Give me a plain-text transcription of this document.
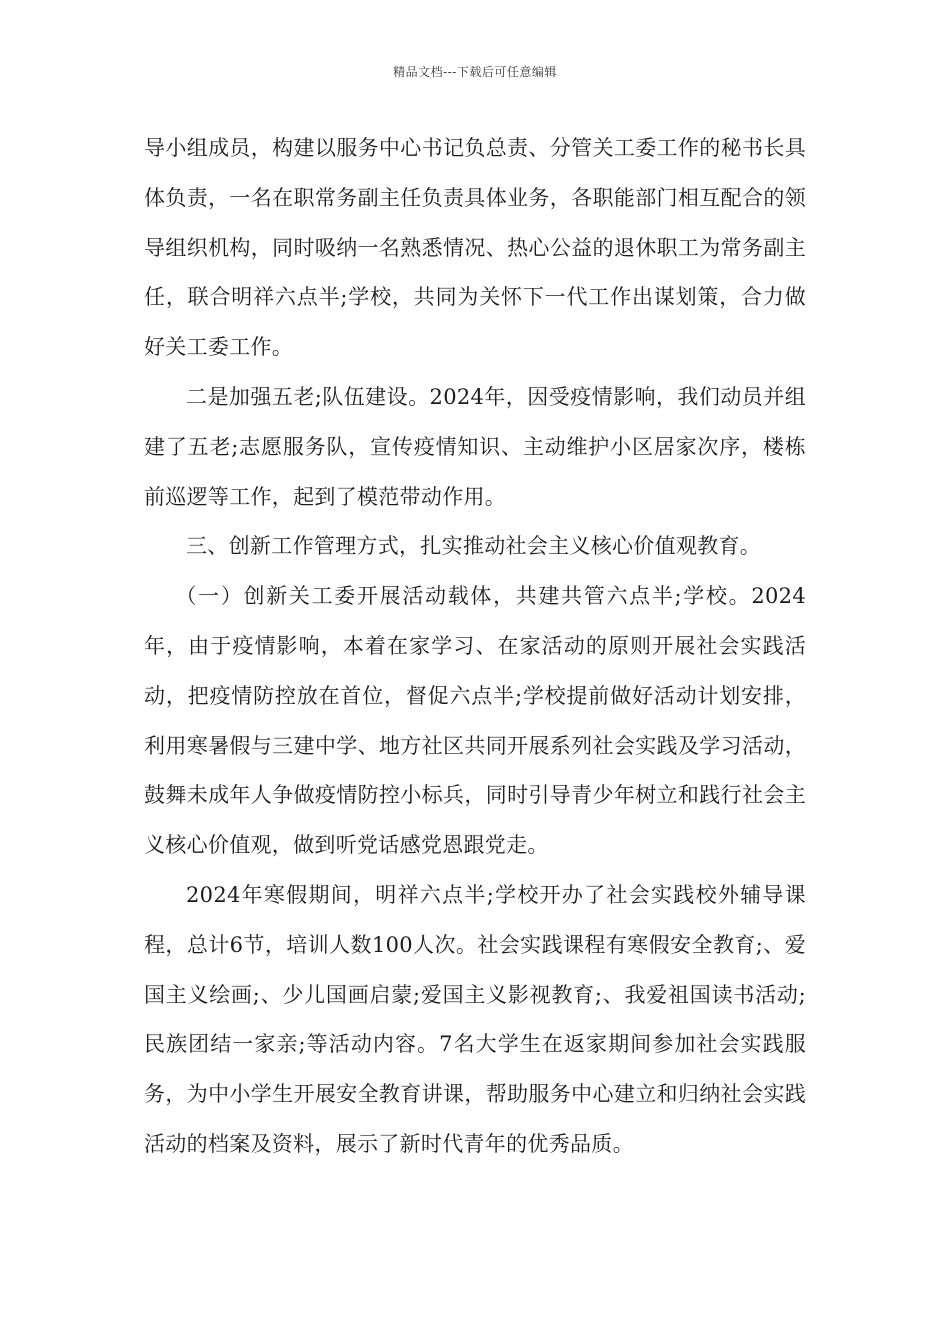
精品文档---下载后可任意编辑

导小组成员，构建以服务中心书记负总责、分管关工委工作的秘书长具体负责，一名在职常务副主任负责具体业务，各职能部门相互配合的领导组织机构，同时吸纳一名熟悉情况、热心公益的退休职工为常务副主任，联合明祥六点半;学校，共同为关怀下一代工作出谋划策，合力做好关工委工作。

二是加强五老;队伍建设。2024年，因受疫情影响，我们动员并组建了五老;志愿服务队，宣传疫情知识、主动维护小区居家次序，楼栋前巡逻等工作，起到了模范带动作用。

三、创新工作管理方式，扎实推动社会主义核心价值观教育。

（一）创新关工委开展活动载体，共建共管六点半;学校。2024年，由于疫情影响，本着在家学习、在家活动的原则开展社会实践活动，把疫情防控放在首位，督促六点半;学校提前做好活动计划安排，利用寒暑假与三建中学、地方社区共同开展系列社会实践及学习活动，鼓舞未成年人争做疫情防控小标兵，同时引导青少年树立和践行社会主义核心价值观，做到听党话感党恩跟党走。

2024年寒假期间，明祥六点半;学校开办了社会实践校外辅导课程，总计6节，培训人数100人次。社会实践课程有寒假安全教育;、爱国主义绘画;、少儿国画启蒙;爱国主义影视教育;、我爱祖国读书活动;民族团结一家亲;等活动内容。7名大学生在返家期间参加社会实践服务，为中小学生开展安全教育讲课，帮助服务中心建立和归纳社会实践活动的档案及资料，展示了新时代青年的优秀品质。
